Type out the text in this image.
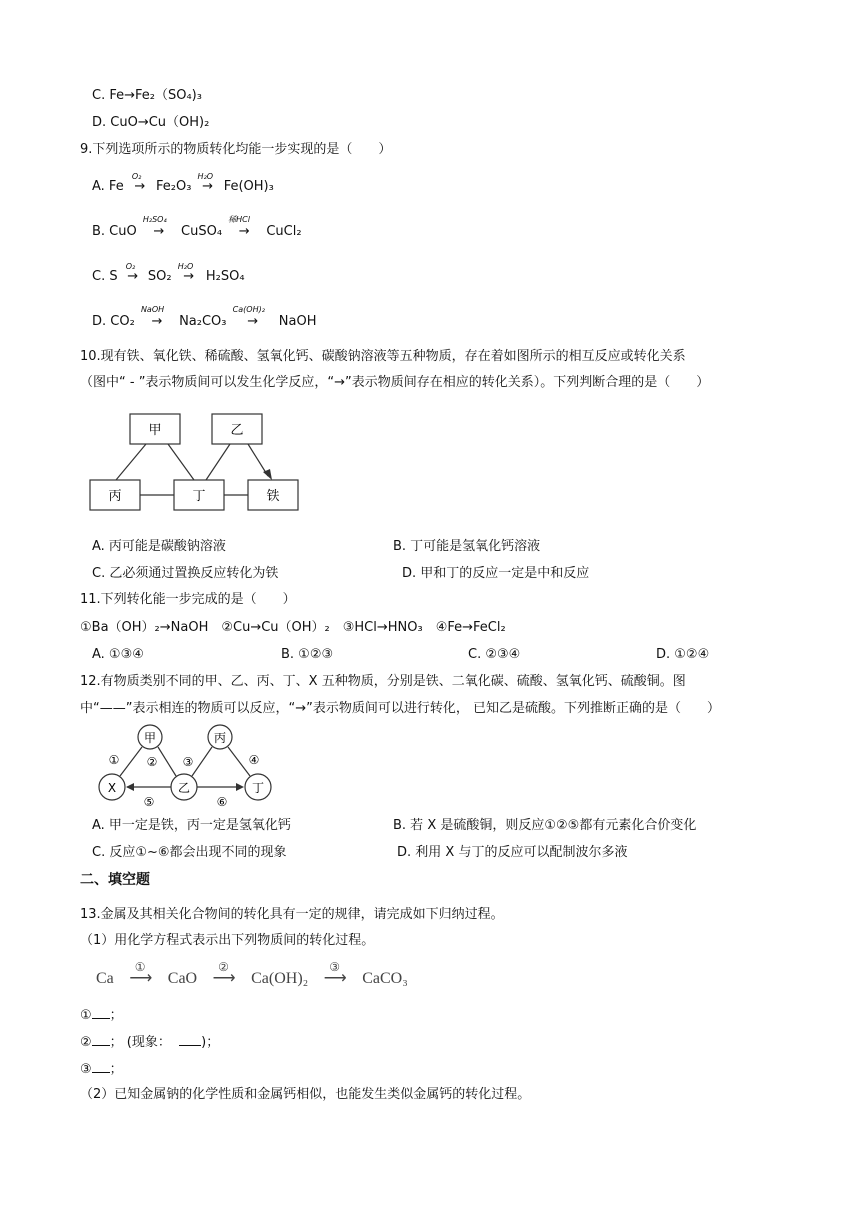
C. Fe→Fe₂（SO₄)₃
D. CuO→Cu（OH)₂
9.下列选项所示的物质转化均能一步实现的是（　　）
A. Fe
O₂
→ Fe₂O₃
H₂O
→ Fe(OH)₃
B. CuO
H₂SO₄
→ CuSO₄
稀HCl
→ CuCl₂
C. S
O₂
→ SO₂
H₂O
→ H₂SO₄
D. CO₂
NaOH
→ Na₂CO₃
Ca(OH)₂
→ NaOH
10.现有铁、氧化铁、稀硫酸、氢氧化钙、碳酸钠溶液等五种物质，存在着如图所示的相互反应或转化关系
（图中“ - ”表示物质间可以发生化学反应，“→”表示物质间存在相应的转化关系）。下列判断合理的是（　　）
甲	乙
丙	丁	铁
A. 丙可能是碳酸钠溶液	B. 丁可能是氢氧化钙溶液
C. 乙必须通过置换反应转化为铁	D. 甲和丁的反应一定是中和反应
11.下列转化能一步完成的是（　　）
①Ba（OH）₂→NaOH　②Cu→Cu（OH）₂　③HCl→HNO₃　④Fe→FeCl₂
A. ①③④	B. ①②③	C. ②③④	D. ①②④
12.有物质类别不同的甲、乙、丙、丁、X 五种物质，分别是铁、二氧化碳、硫酸、氢氧化钙、硫酸铜。图
中“——”表示相连的物质可以反应，“→”表示物质间可以进行转化， 已知乙是硫酸。下列推断正确的是（　　）
甲	丙
X	乙	丁
① ② ③	④
⑤	⑥
A. 甲一定是铁，丙一定是氢氧化钙	B. 若 X 是硫酸铜，则反应①②⑤都有元素化合价变化
C. 反应①~⑥都会出现不同的现象	D. 利用 X 与丁的反应可以配制波尔多液
二、填空题
13.金属及其相关化合物间的转化具有一定的规律，请完成如下归纳过程。
（1）用化学方程式表示出下列物质间的转化过程。
Ca
①
⟶ CaO
②
⟶ Ca(OH)₂
③
⟶ CaCO₃
① ；
② ； (现象： )；
③ ；
（2）已知金属钠的化学性质和金属钙相似，也能发生类似金属钙的转化过程。
